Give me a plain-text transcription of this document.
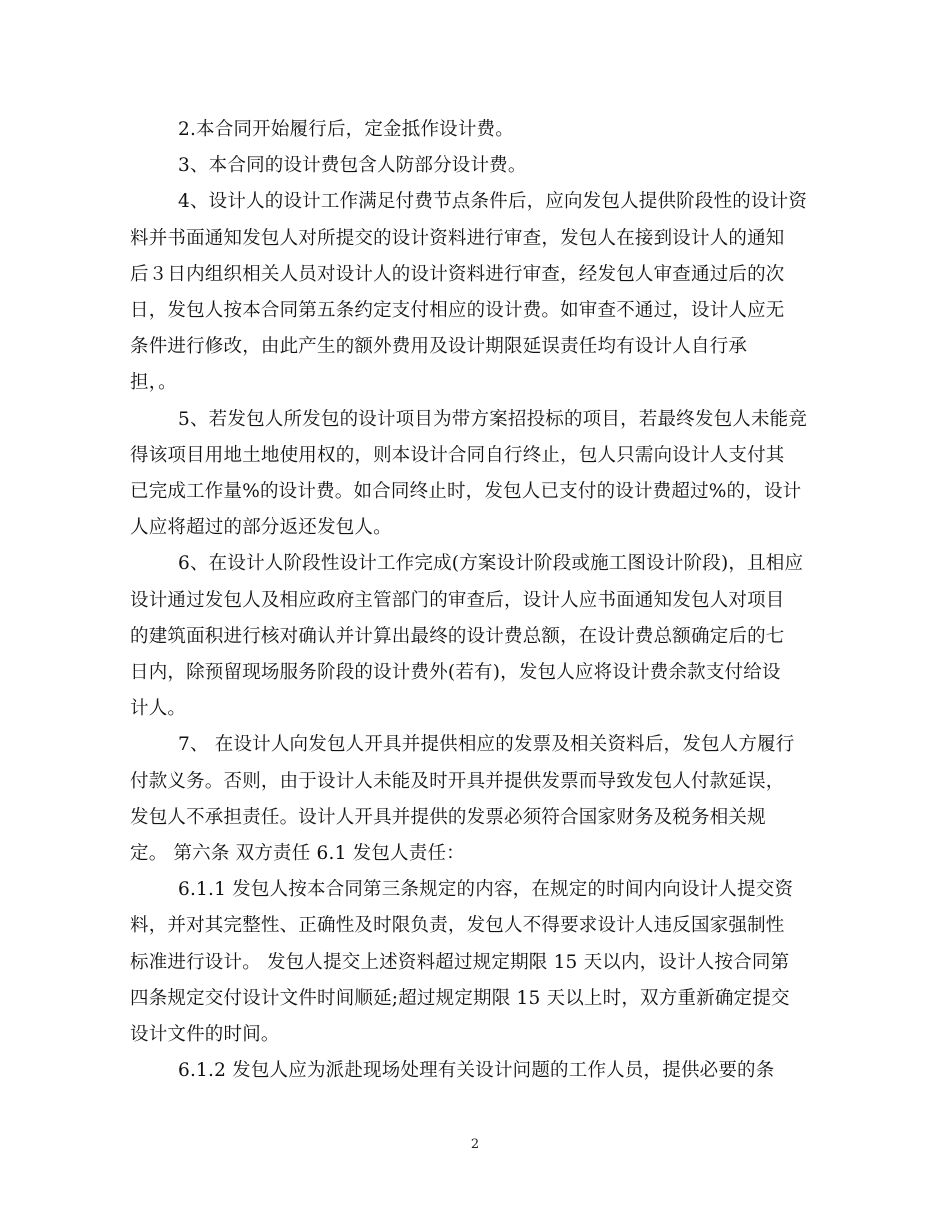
2.本合同开始履行后，定金抵作设计费。

3、本合同的设计费包含人防部分设计费。

4、设计人的设计工作满足付费节点条件后，应向发包人提供阶段性的设计资
料并书面通知发包人对所提交的设计资料进行审查，发包人在接到设计人的通知
后３日内组织相关人员对设计人的设计资料进行审查，经发包人审查通过后的次
日，发包人按本合同第五条约定支付相应的设计费。如审查不通过，设计人应无
条件进行修改，由此产生的额外费用及设计期限延误责任均有设计人自行承
担，。

5、若发包人所发包的设计项目为带方案招投标的项目，若最终发包人未能竞
得该项目用地土地使用权的，则本设计合同自行终止，包人只需向设计人支付其
已完成工作量%的设计费。如合同终止时，发包人已支付的设计费超过%的，设计
人应将超过的部分返还发包人。

6、在设计人阶段性设计工作完成(方案设计阶段或施工图设计阶段)，且相应
设计通过发包人及相应政府主管部门的审查后，设计人应书面通知发包人对项目
的建筑面积进行核对确认并计算出最终的设计费总额，在设计费总额确定后的七
日内，除预留现场服务阶段的设计费外(若有)，发包人应将设计费余款支付给设
计人。

7、 在设计人向发包人开具并提供相应的发票及相关资料后，发包人方履行
付款义务。否则，由于设计人未能及时开具并提供发票而导致发包人付款延误，
发包人不承担责任。设计人开具并提供的发票必须符合国家财务及税务相关规
定。 第六条 双方责任 6.1 发包人责任：

6.1.1 发包人按本合同第三条规定的内容，在规定的时间内向设计人提交资
料，并对其完整性、正确性及时限负责，发包人不得要求设计人违反国家强制性
标准进行设计。 发包人提交上述资料超过规定期限 15 天以内，设计人按合同第
四条规定交付设计文件时间顺延;超过规定期限 15 天以上时，双方重新确定提交
设计文件的时间。

6.1.2 发包人应为派赴现场处理有关设计问题的工作人员，提供必要的条

2
